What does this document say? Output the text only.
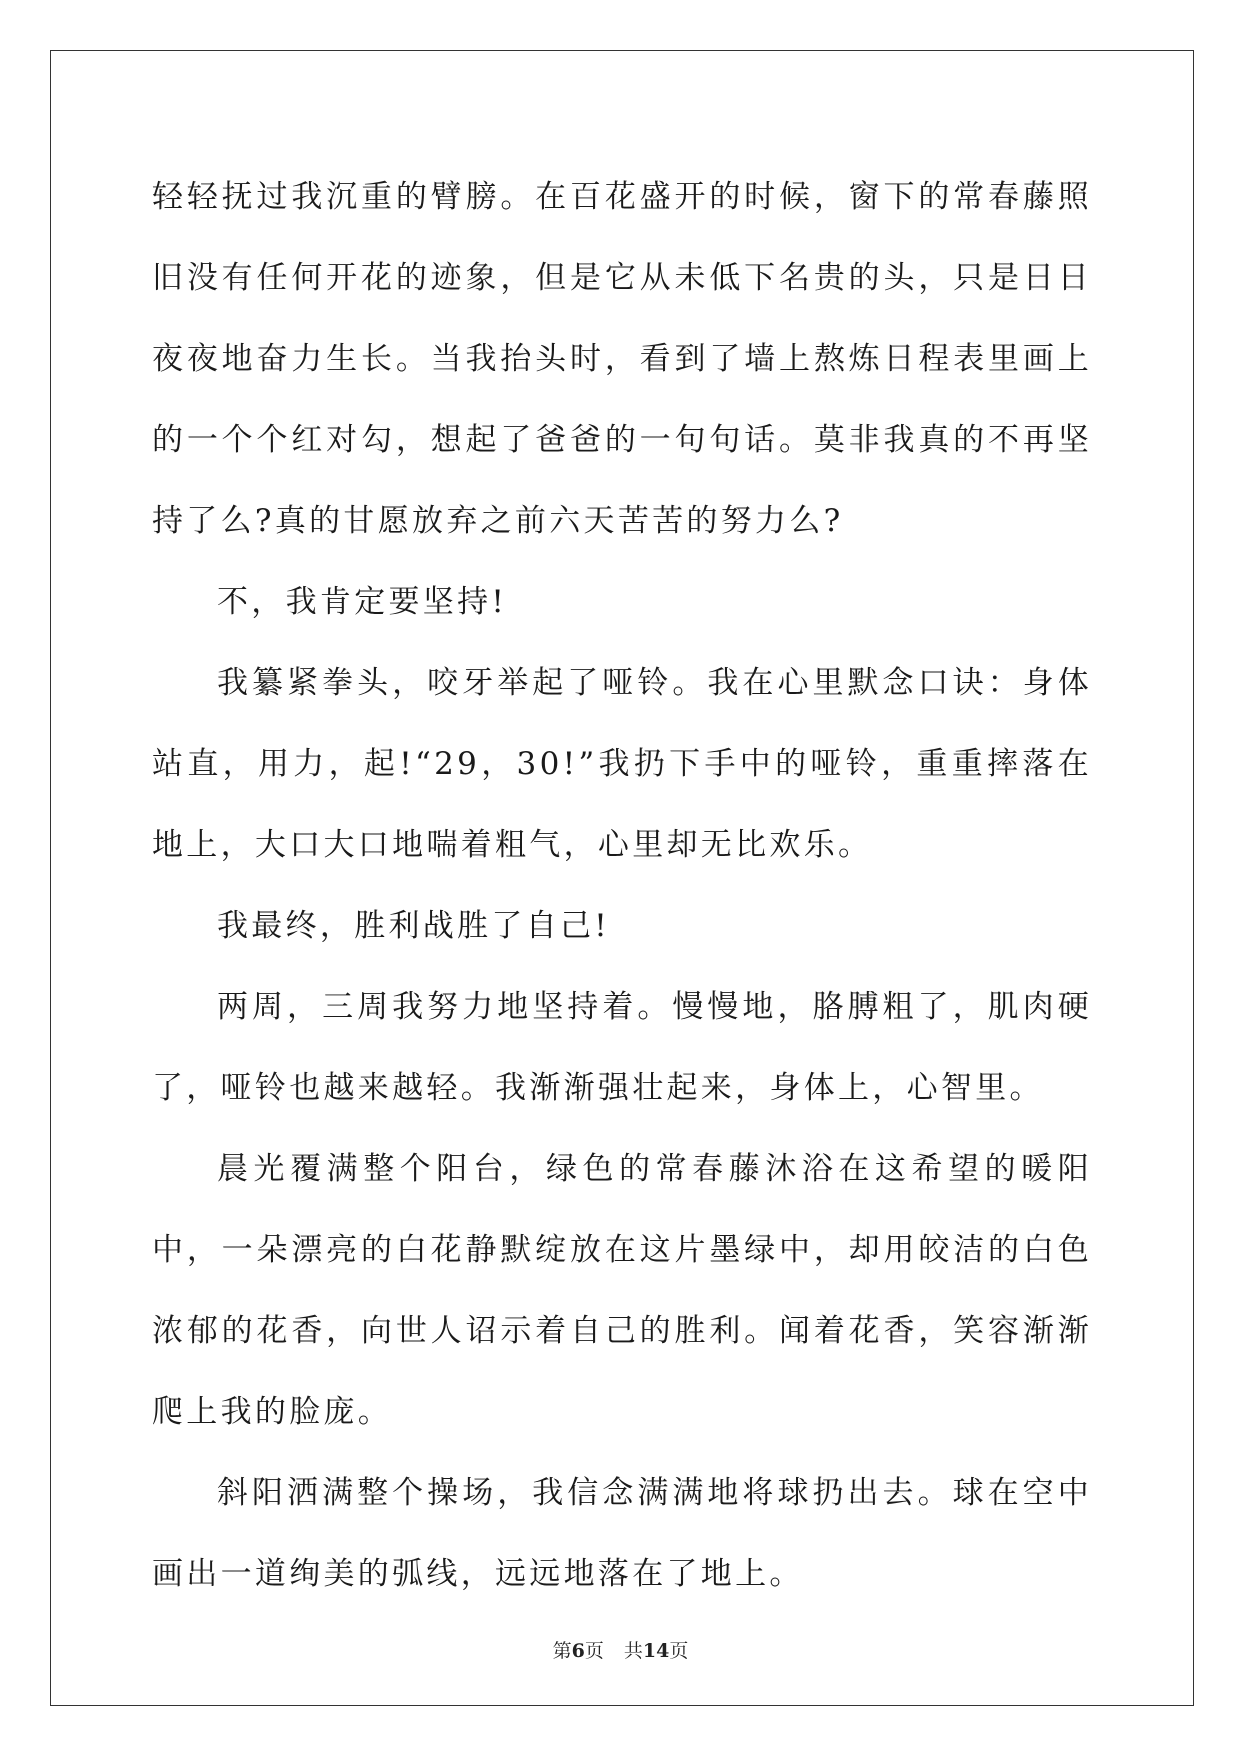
轻轻抚过我沉重的臂膀。在百花盛开的时候，窗下的常春藤照旧没有任何开花的迹象，但是它从未低下名贵的头，只是日日夜夜地奋力生长。当我抬头时，看到了墙上熬炼日程表里画上的一个个红对勾，想起了爸爸的一句句话。莫非我真的不再坚持了么?真的甘愿放弃之前六天苦苦的努力么?

不，我肯定要坚持!

我纂紧拳头，咬牙举起了哑铃。我在心里默念口诀：身体站直，用力，起!“29，30!”我扔下手中的哑铃，重重摔落在地上，大口大口地喘着粗气，心里却无比欢乐。

我最终，胜利战胜了自己!

两周，三周我努力地坚持着。慢慢地，胳膊粗了，肌肉硬了，哑铃也越来越轻。我渐渐强壮起来，身体上，心智里。

晨光覆满整个阳台，绿色的常春藤沐浴在这希望的暖阳中，一朵漂亮的白花静默绽放在这片墨绿中，却用皎洁的白色浓郁的花香，向世人诏示着自己的胜利。闻着花香，笑容渐渐爬上我的脸庞。

斜阳洒满整个操场，我信念满满地将球扔出去。球在空中画出一道绚美的弧线，远远地落在了地上。

第6页 共14页
